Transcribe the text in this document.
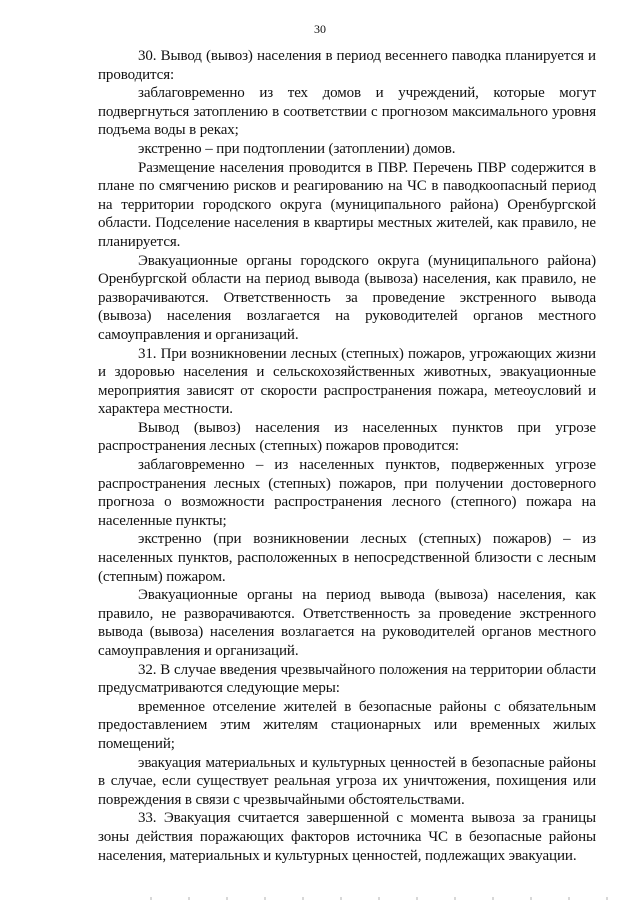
30

30. Вывод (вывоз) населения в период весеннего паводка планируется и проводится:

заблаговременно из тех домов и учреждений, которые могут подвергнуться затоплению в соответствии с прогнозом максимального уровня подъема воды в реках;

экстренно – при подтоплении (затоплении) домов.

Размещение населения проводится в ПВР. Перечень ПВР содержится в плане по смягчению рисков и реагированию на ЧС в паводкоопасный период на территории городского округа (муниципального района) Оренбургской области. Подселение населения в квартиры местных жителей, как правило, не планируется.

Эвакуационные органы городского округа (муниципального района) Оренбургской области на период вывода (вывоза) населения, как правило, не разворачиваются. Ответственность за проведение экстренного вывода (вывоза) населения возлагается на руководителей органов местного самоуправления и организаций.

31. При возникновении лесных (степных) пожаров, угрожающих жизни и здоровью населения и сельскохозяйственных животных, эвакуационные мероприятия зависят от скорости распространения пожара, метеоусловий и характера местности.

Вывод (вывоз) населения из населенных пунктов при угрозе распространения лесных (степных) пожаров проводится:

заблаговременно – из населенных пунктов, подверженных угрозе распространения лесных (степных) пожаров, при получении достоверного прогноза о возможности распространения лесного (степного) пожара на населенные пункты;

экстренно (при возникновении лесных (степных) пожаров) – из населенных пунктов, расположенных в непосредственной близости с лесным (степным) пожаром.

Эвакуационные органы на период вывода (вывоза) населения, как правило, не разворачиваются. Ответственность за проведение экстренного вывода (вывоза) населения возлагается на руководителей органов местного самоуправления и организаций.

32. В случае введения чрезвычайного положения на территории области предусматриваются следующие меры:

временное отселение жителей в безопасные районы с обязательным предоставлением этим жителям стационарных или временных жилых помещений;

эвакуация материальных и культурных ценностей в безопасные районы в случае, если существует реальная угроза их уничтожения, похищения или повреждения в связи с чрезвычайными обстоятельствами.

33. Эвакуация считается завершенной с момента вывоза за границы зоны действия поражающих факторов источника ЧС в безопасные районы населения, материальных и культурных ценностей, подлежащих эвакуации.
